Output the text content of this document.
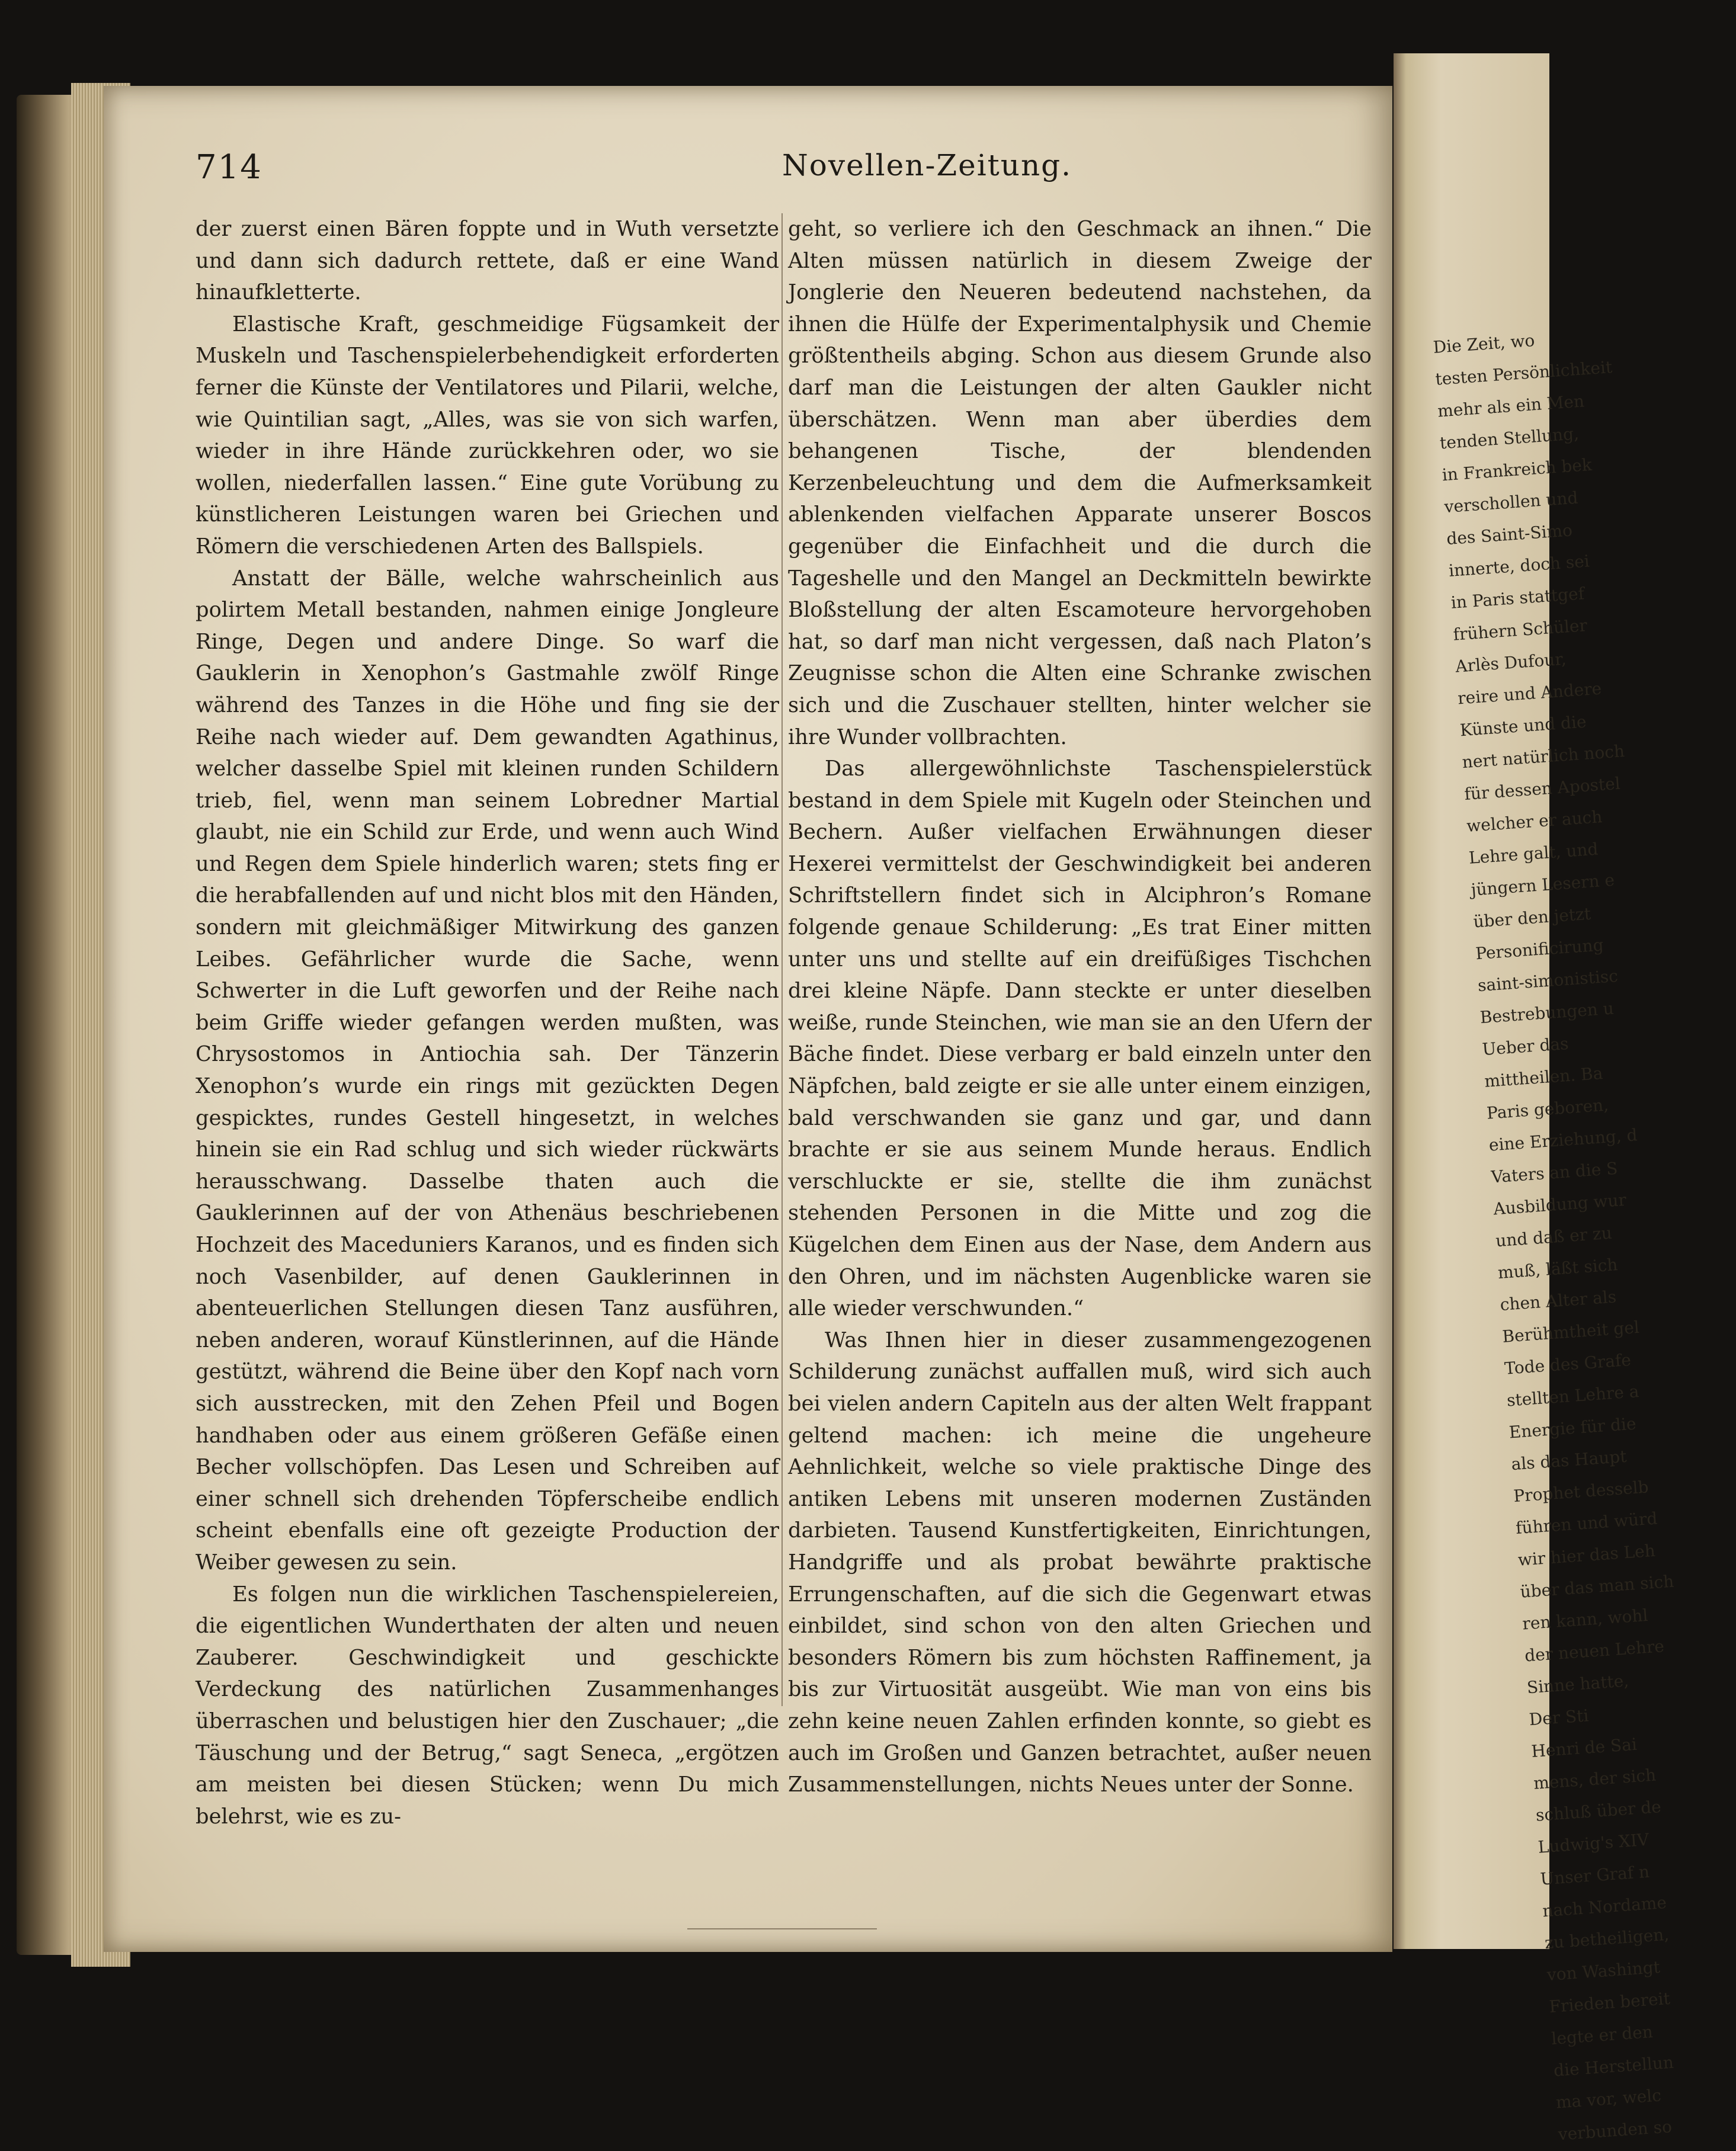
714	Novellen-Zeitung.

der zuerst einen Bären foppte und in Wuth versetzte und dann sich dadurch rettete, daß er eine Wand hinaufkletterte.

Elastische Kraft, geschmeidige Fügsamkeit der Muskeln und Taschenspielerbehendigkeit erforderten ferner die Künste der Ventilatores und Pilarii, welche, wie Quintilian sagt, „Alles, was sie von sich warfen, wieder in ihre Hände zurückkehren oder, wo sie wollen, niederfallen lassen.“ Eine gute Vorübung zu künstlicheren Leistungen waren bei Griechen und Römern die verschiedenen Arten des Ballspiels.

Anstatt der Bälle, welche wahrscheinlich aus polirtem Metall bestanden, nahmen einige Jongleure Ringe, Degen und andere Dinge. So warf die Gauklerin in Xenophon’s Gastmahle zwölf Ringe während des Tanzes in die Höhe und fing sie der Reihe nach wieder auf. Dem gewandten Agathinus, welcher dasselbe Spiel mit kleinen runden Schildern trieb, fiel, wenn man seinem Lobredner Martial glaubt, nie ein Schild zur Erde, und wenn auch Wind und Regen dem Spiele hinderlich waren; stets fing er die herabfallenden auf und nicht blos mit den Händen, sondern mit gleichmäßiger Mitwirkung des ganzen Leibes. Gefährlicher wurde die Sache, wenn Schwerter in die Luft geworfen und der Reihe nach beim Griffe wieder gefangen werden mußten, was Chrysostomos in Antiochia sah. Der Tänzerin Xenophon’s wurde ein rings mit gezückten Degen gespicktes, rundes Gestell hingesetzt, in welches hinein sie ein Rad schlug und sich wieder rückwärts herausschwang. Dasselbe thaten auch die Gauklerinnen auf der von Athenäus beschriebenen Hochzeit des Maceduniers Karanos, und es finden sich noch Vasenbilder, auf denen Gauklerinnen in abenteuerlichen Stellungen diesen Tanz ausführen, neben anderen, worauf Künstlerinnen, auf die Hände gestützt, während die Beine über den Kopf nach vorn sich ausstrecken, mit den Zehen Pfeil und Bogen handhaben oder aus einem größeren Gefäße einen Becher vollschöpfen. Das Lesen und Schreiben auf einer schnell sich drehenden Töpferscheibe endlich scheint ebenfalls eine oft gezeigte Production der Weiber gewesen zu sein.

Es folgen nun die wirklichen Taschenspielereien, die eigentlichen Wunderthaten der alten und neuen Zauberer. Geschwindigkeit und geschickte Verdeckung des natürlichen Zusammenhanges überraschen und belustigen hier den Zuschauer; „die Täuschung und der Betrug,“ sagt Seneca, „ergötzen am meisten bei diesen Stücken; wenn Du mich belehrst, wie es zu-

geht, so verliere ich den Geschmack an ihnen.“ Die Alten müssen natürlich in diesem Zweige der Jonglerie den Neueren bedeutend nachstehen, da ihnen die Hülfe der Experimentalphysik und Chemie größtentheils abging. Schon aus diesem Grunde also darf man die Leistungen der alten Gaukler nicht überschätzen. Wenn man aber überdies dem behangenen Tische, der blendenden Kerzenbeleuchtung und dem die Aufmerksamkeit ablenkenden vielfachen Apparate unserer Boscos gegenüber die Einfachheit und die durch die Tageshelle und den Mangel an Deckmitteln bewirkte Bloßstellung der alten Escamoteure hervorgehoben hat, so darf man nicht vergessen, daß nach Platon’s Zeugnisse schon die Alten eine Schranke zwischen sich und die Zuschauer stellten, hinter welcher sie ihre Wunder vollbrachten.

Das allergewöhnlichste Taschenspielerstück bestand in dem Spiele mit Kugeln oder Steinchen und Bechern. Außer vielfachen Erwähnungen dieser Hexerei vermittelst der Geschwindigkeit bei anderen Schriftstellern findet sich in Alciphron’s Romane folgende genaue Schilderung: „Es trat Einer mitten unter uns und stellte auf ein dreifüßiges Tischchen drei kleine Näpfe. Dann steckte er unter dieselben weiße, runde Steinchen, wie man sie an den Ufern der Bäche findet. Diese verbarg er bald einzeln unter den Näpfchen, bald zeigte er sie alle unter einem einzigen, bald verschwanden sie ganz und gar, und dann brachte er sie aus seinem Munde heraus. Endlich verschluckte er sie, stellte die ihm zunächst stehenden Personen in die Mitte und zog die Kügelchen dem Einen aus der Nase, dem Andern aus den Ohren, und im nächsten Augenblicke waren sie alle wieder verschwunden.“

Was Ihnen hier in dieser zusammengezogenen Schilderung zunächst auffallen muß, wird sich auch bei vielen andern Capiteln aus der alten Welt frappant geltend machen: ich meine die ungeheure Aehnlichkeit, welche so viele praktische Dinge des antiken Lebens mit unseren modernen Zuständen darbieten. Tausend Kunstfertigkeiten, Einrichtungen, Handgriffe und als probat bewährte praktische Errungenschaften, auf die sich die Gegenwart etwas einbildet, sind schon von den alten Griechen und besonders Römern bis zum höchsten Raffinement, ja bis zur Virtuosität ausgeübt. Wie man von eins bis zehn keine neuen Zahlen erfinden konnte, so giebt es auch im Großen und Ganzen betrachtet, außer neuen Zusammenstellungen, nichts Neues unter der Sonne.

Die Zeit, wo
testen Persönlichkeit
mehr als ein Men
tenden Stellung,
in Frankreich bek
verschollen und
des Saint-Simo
innerte, doch sei
in Paris stattgef
frühern Schüler
Arlès Dufour,
reire und Andere
Künste und die
nert natürlich noch
für dessen Apostel
welcher er auch
Lehre galt, und
jüngern Lesern e
über den jetzt
Personificirung
saint-simonistisc
Bestrebungen u
Ueber das
mittheilen. Ba
Paris geboren,
eine Erziehung, d
Vaters an die S
Ausbildung wur
und daß er zu
muß, läßt sich
chen Alter als
Berühmtheit gel
Tode des Grafe
stellten Lehre a
Energie für die
als das Haupt
Prophet desselb
führen und würd
wir hier das Leh
über das man sich
ren kann, wohl
der neuen Lehre
Sinne hatte,
Der Sti
Henri de Sai
mens, der sich
schluß über de
Ludwig's XIV
Unser Graf n
nach Nordame
zu betheiligen,
von Washingt
Frieden bereit
legte er den
die Herstellun
ma vor, welc
verbunden so
